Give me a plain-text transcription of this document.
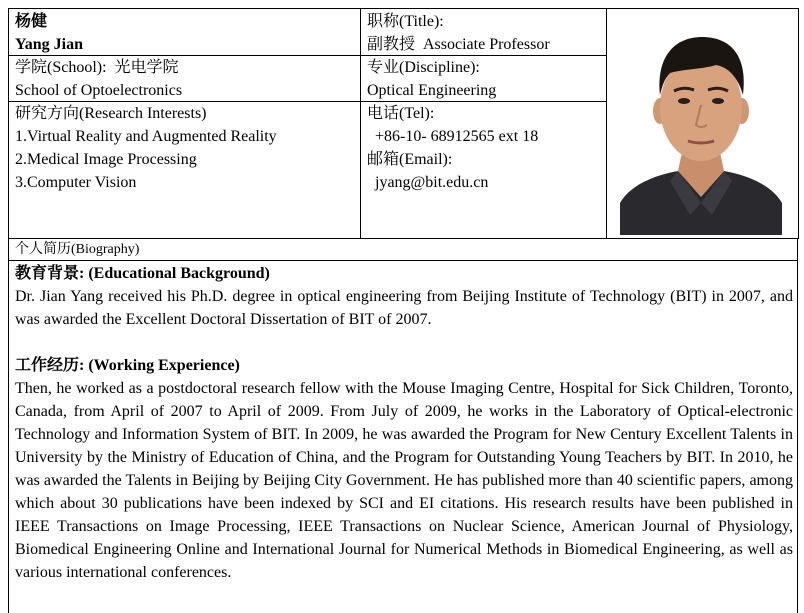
杨健
Yang Jian
职称(Title):
副教授  Associate Professor
学院(School):  光电学院
School of Optoelectronics
专业(Discipline):
Optical Engineering
研究方向(Research Interests)
1.Virtual Reality and Augmented Reality
2.Medical Image Processing
3.Computer Vision
电话(Tel):
+86-10- 68912565 ext 18
邮箱(Email):
jyang@bit.edu.cn
个人简历(Biography)
教育背景: (Educational Background)

Dr. Jian Yang received his Ph.D. degree in optical engineering from Beijing Institute of Technology (BIT) in 2007, and was awarded the Excellent Doctoral Dissertation of BIT of 2007.

工作经历: (Working Experience)

Then, he worked as a postdoctoral research fellow with the Mouse Imaging Centre, Hospital for Sick Children, Toronto, Canada, from April of 2007 to April of 2009. From July of 2009, he works in the Laboratory of Optical-electronic Technology and Information System of BIT. In 2009, he was awarded the Program for New Century Excellent Talents in University by the Ministry of Education of China, and the Program for Outstanding Young Teachers by BIT. In 2010, he was awarded the Talents in Beijing by Beijing City Government. He has published more than 40 scientific papers, among which about 30 publications have been indexed by SCI and EI citations. His research results have been published in IEEE Transactions on Image Processing, IEEE Transactions on Nuclear Science, American Journal of Physiology, Biomedical Engineering Online and International Journal for Numerical Methods in Biomedical Engineering, as well as various international conferences.
